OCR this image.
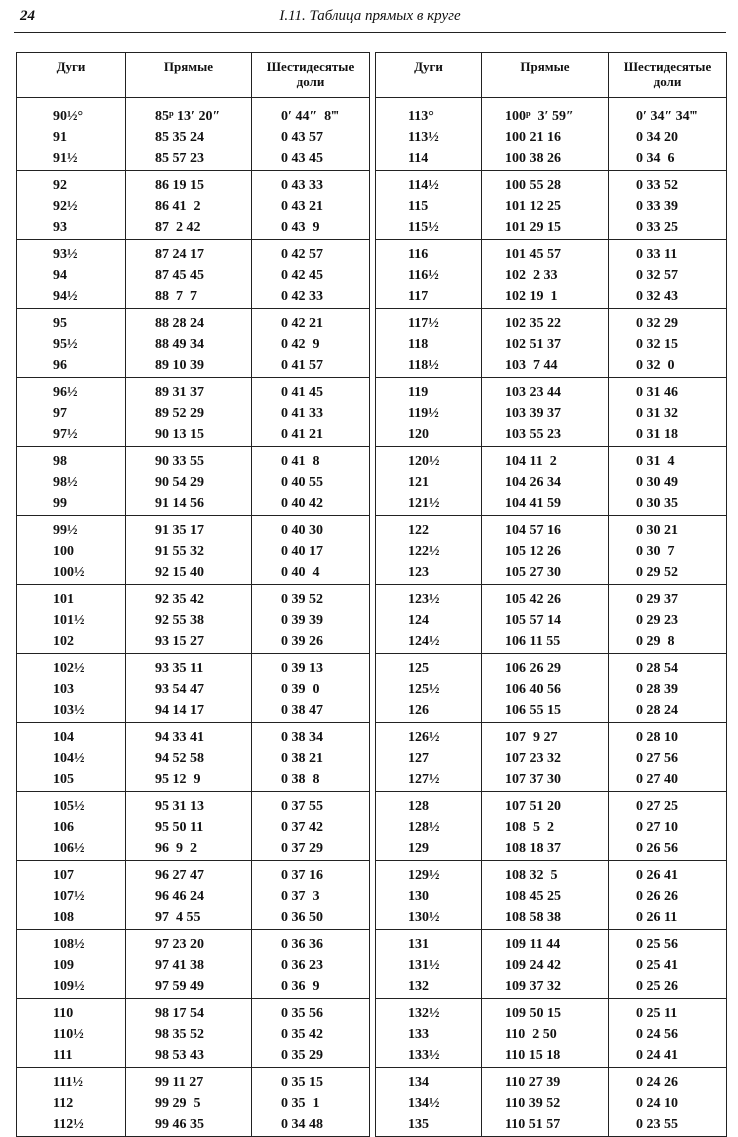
24	I.11. Таблица прямых в круге
Дуги	Прямые	Шестидесятые доли
90½°	85ᵖ 13′ 20″	0′ 44″  8‴
91	85 35 24	0 43 57
91½	85 57 23	0 43 45
92	86 19 15	0 43 33
92½	86 41  2	0 43 21
93	87  2 42	0 43  9
93½	87 24 17	0 42 57
94	87 45 45	0 42 45
94½	88  7  7	0 42 33
95	88 28 24	0 42 21
95½	88 49 34	0 42  9
96	89 10 39	0 41 57
96½	89 31 37	0 41 45
97	89 52 29	0 41 33
97½	90 13 15	0 41 21
98	90 33 55	0 41  8
98½	90 54 29	0 40 55
99	91 14 56	0 40 42
99½	91 35 17	0 40 30
100	91 55 32	0 40 17
100½	92 15 40	0 40  4
101	92 35 42	0 39 52
101½	92 55 38	0 39 39
102	93 15 27	0 39 26
102½	93 35 11	0 39 13
103	93 54 47	0 39  0
103½	94 14 17	0 38 47
104	94 33 41	0 38 34
104½	94 52 58	0 38 21
105	95 12  9	0 38  8
105½	95 31 13	0 37 55
106	95 50 11	0 37 42
106½	96  9  2	0 37 29
107	96 27 47	0 37 16
107½	96 46 24	0 37  3
108	97  4 55	0 36 50
108½	97 23 20	0 36 36
109	97 41 38	0 36 23
109½	97 59 49	0 36  9
110	98 17 54	0 35 56
110½	98 35 52	0 35 42
111	98 53 43	0 35 29
111½	99 11 27	0 35 15
112	99 29  5	0 35  1
112½	99 46 35	0 34 48
Дуги	Прямые	Шестидесятые доли
113°	100ᵖ  3′ 59″	0′ 34″ 34‴
113½	100 21 16	0 34 20
114	100 38 26	0 34  6
114½	100 55 28	0 33 52
115	101 12 25	0 33 39
115½	101 29 15	0 33 25
116	101 45 57	0 33 11
116½	102  2 33	0 32 57
117	102 19  1	0 32 43
117½	102 35 22	0 32 29
118	102 51 37	0 32 15
118½	103  7 44	0 32  0
119	103 23 44	0 31 46
119½	103 39 37	0 31 32
120	103 55 23	0 31 18
120½	104 11  2	0 31  4
121	104 26 34	0 30 49
121½	104 41 59	0 30 35
122	104 57 16	0 30 21
122½	105 12 26	0 30  7
123	105 27 30	0 29 52
123½	105 42 26	0 29 37
124	105 57 14	0 29 23
124½	106 11 55	0 29  8
125	106 26 29	0 28 54
125½	106 40 56	0 28 39
126	106 55 15	0 28 24
126½	107  9 27	0 28 10
127	107 23 32	0 27 56
127½	107 37 30	0 27 40
128	107 51 20	0 27 25
128½	108  5  2	0 27 10
129	108 18 37	0 26 56
129½	108 32  5	0 26 41
130	108 45 25	0 26 26
130½	108 58 38	0 26 11
131	109 11 44	0 25 56
131½	109 24 42	0 25 41
132	109 37 32	0 25 26
132½	109 50 15	0 25 11
133	110  2 50	0 24 56
133½	110 15 18	0 24 41
134	110 27 39	0 24 26
134½	110 39 52	0 24 10
135	110 51 57	0 23 55
